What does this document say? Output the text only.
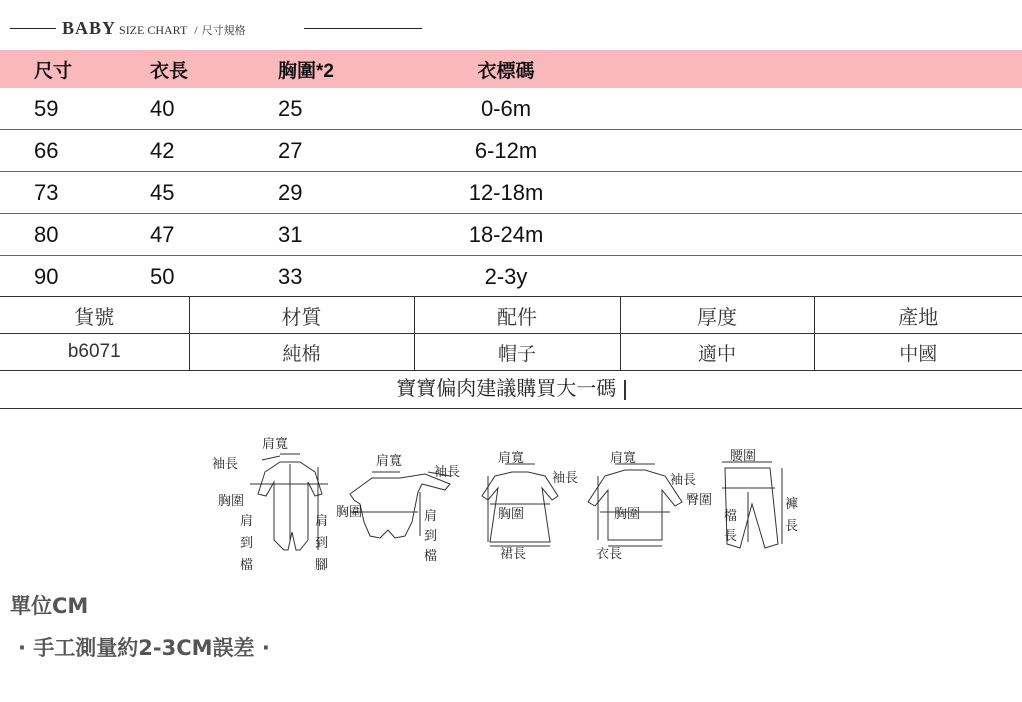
BABY SIZE CHART / 尺寸規格
尺寸	衣長	胸圍*2	衣標碼	
59	40	25	0-6m	
66	42	27	6-12m	
73	45	29	12-18m	
80	47	31	18-24m	
90	50	33	2-3y	
貨號	材質	配件	厚度	產地
b6071	純棉	帽子	適中	中國
寶寶偏肉建議購買大一碼
袖長
肩寬
胸圍
肩
到
檔
肩
到
腳
肩寬
袖長
胸圍	肩
到
檔
肩寬
袖長
胸圍
裙長
肩寬
袖長
胸圍
衣長
腰圍
臀圍
檔
長
褲
長
單位CM
· 手工測量約2-3CM誤差 ·
